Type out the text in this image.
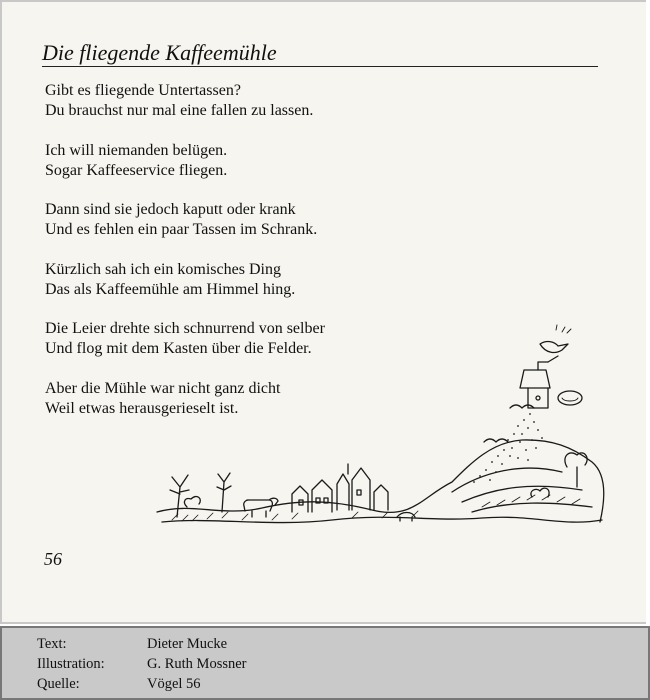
Die fliegende Kaffeemühle
Gibt es fliegende Untertassen?
Du brauchst nur mal eine fallen zu lassen.
Ich will niemanden belügen.
Sogar Kaffeeservice fliegen.
Dann sind sie jedoch kaputt oder krank
Und es fehlen ein paar Tassen im Schrank.
Kürzlich sah ich ein komisches Ding
Das als Kaffeemühle am Himmel hing.
Die Leier drehte sich schnurrend von selber
Und flog mit dem Kasten über die Felder.
Aber die Mühle war nicht ganz dicht
Weil etwas herausgerieselt ist.
56
Text:	Dieter Mucke
Illustration:	G. Ruth Mossner
Quelle:	Vögel 56
